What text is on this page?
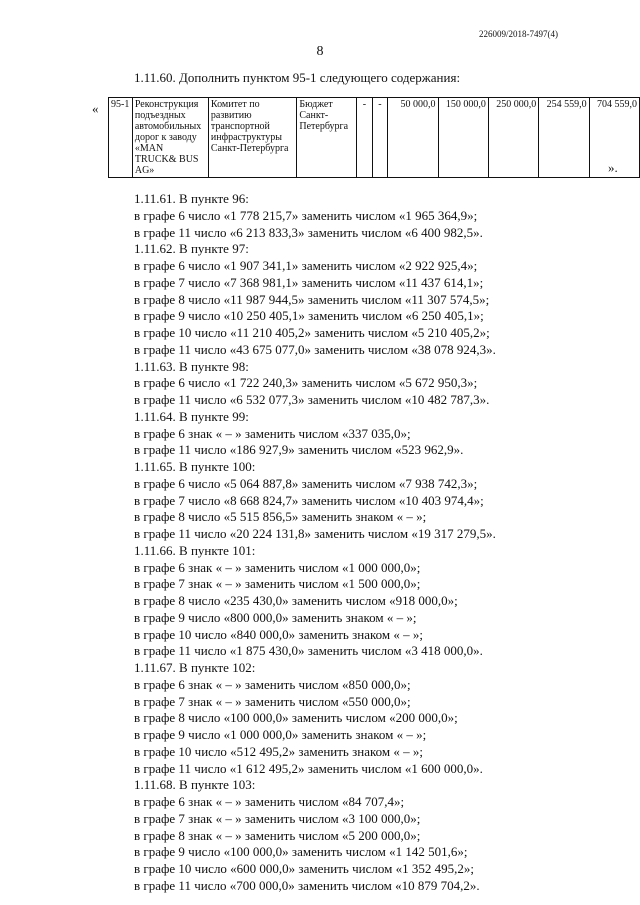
226009/2018-7497(4)
8
1.11.60. Дополнить пунктом 95-1 следующего содержания:
« 95-1	Реконструкция подъездных автомобильных дорог к заводу «MAN TRUCK& BUS AG»	Комитет по развитию транспортной инфраструктуры Санкт-Петербурга	Бюджет Санкт-Петербурга	-	-	50 000,0	150 000,0	250 000,0	254 559,0	704 559,0
».
1.11.61. В пункте 96:
в графе 6 число «1 778 215,7» заменить числом «1 965 364,9»;
в графе 11 число «6 213 833,3» заменить числом «6 400 982,5».
1.11.62. В пункте 97:
в графе 6 число «1 907 341,1» заменить числом «2 922 925,4»;
в графе 7 число «7 368 981,1» заменить числом «11 437 614,1»;
в графе 8 число «11 987 944,5» заменить числом «11 307 574,5»;
в графе 9 число «10 250 405,1» заменить числом «6 250 405,1»;
в графе 10 число «11 210 405,2» заменить числом «5 210 405,2»;
в графе 11 число «43 675 077,0» заменить числом «38 078 924,3».
1.11.63. В пункте 98:
в графе 6 число «1 722 240,3» заменить числом «5 672 950,3»;
в графе 11 число «6 532 077,3» заменить числом «10 482 787,3».
1.11.64. В пункте 99:
в графе 6 знак « – » заменить числом «337 035,0»;
в графе 11 число «186 927,9» заменить числом «523 962,9».
1.11.65. В пункте 100:
в графе 6 число «5 064 887,8» заменить числом «7 938 742,3»;
в графе 7 число «8 668 824,7» заменить числом «10 403 974,4»;
в графе 8 число «5 515 856,5» заменить знаком « – »;
в графе 11 число «20 224 131,8» заменить числом «19 317 279,5».
1.11.66. В пункте 101:
в графе 6 знак « – » заменить числом «1 000 000,0»;
в графе 7 знак « – » заменить числом «1 500 000,0»;
в графе 8 число «235 430,0» заменить числом «918 000,0»;
в графе 9 число «800 000,0» заменить знаком « – »;
в графе 10 число «840 000,0» заменить знаком « – »;
в графе 11 число «1 875 430,0» заменить числом «3 418 000,0».
1.11.67. В пункте 102:
в графе 6 знак « – » заменить числом «850 000,0»;
в графе 7 знак « – » заменить числом «550 000,0»;
в графе 8 число «100 000,0» заменить числом «200 000,0»;
в графе 9 число «1 000 000,0» заменить знаком « – »;
в графе 10 число «512 495,2» заменить знаком « – »;
в графе 11 число «1 612 495,2» заменить числом «1 600 000,0».
1.11.68. В пункте 103:
в графе 6 знак « – » заменить числом «84 707,4»;
в графе 7 знак « – » заменить числом «3 100 000,0»;
в графе 8 знак « – » заменить числом «5 200 000,0»;
в графе 9 число «100 000,0» заменить числом «1 142 501,6»;
в графе 10 число «600 000,0» заменить числом «1 352 495,2»;
в графе 11 число «700 000,0» заменить числом «10 879 704,2».
